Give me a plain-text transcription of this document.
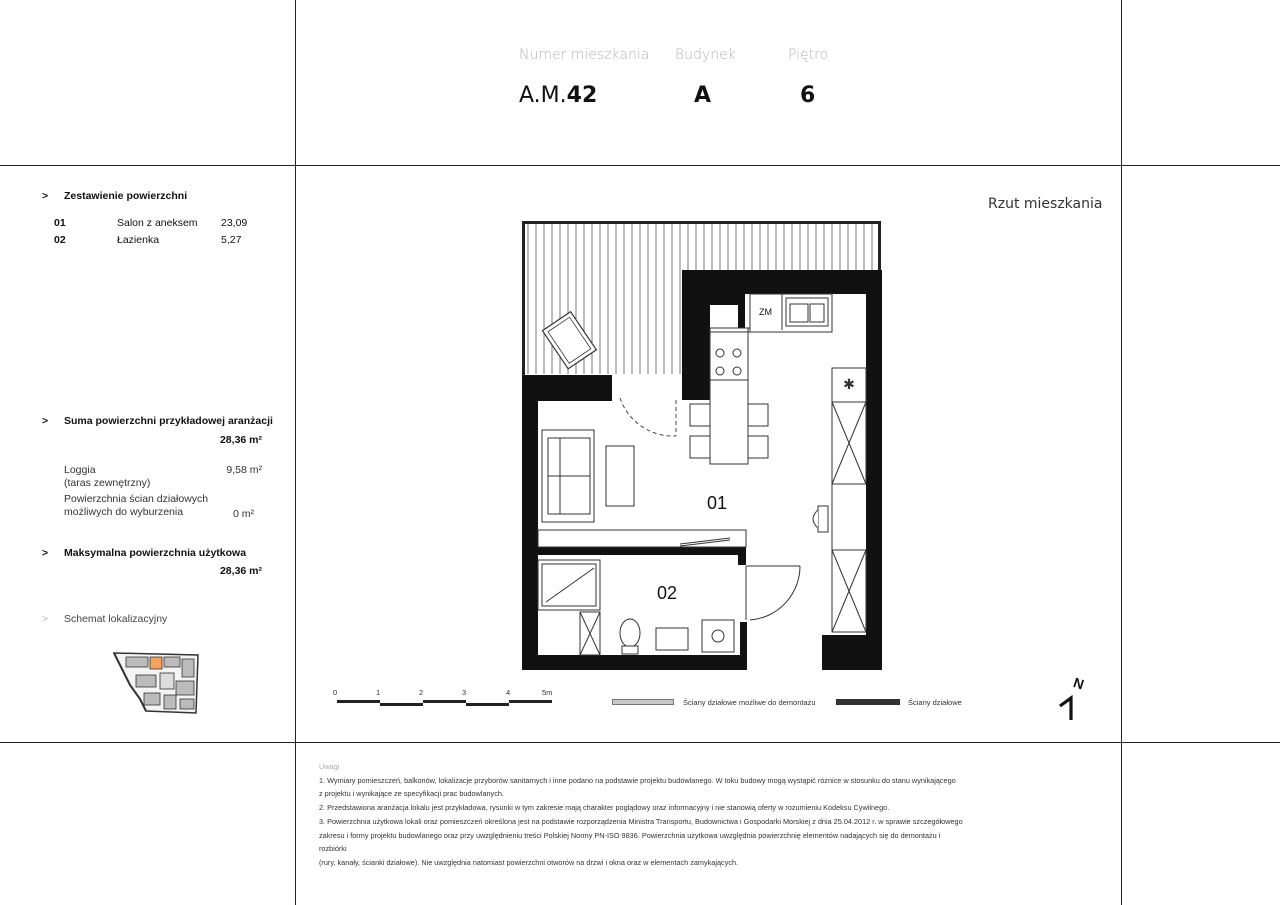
Numer mieszkania Budynek	Piętro
A.M.42	A	6
> Zestawienie powierzchni
01	Salon z aneksem 23,09
02	Łazienka	5,27
> Suma powierzchni przykładowej aranżacji
28,36 m²
Loggia
(taras zewnętrzny)
9,58 m²
Powierzchnia ścian działowych
możliwych do wyburzenia	0 m²
> Maksymalna powierzchnia użytkowa
28,36 m²
> Schemat lokalizacyjny
Rzut mieszkania
ZM
✱
01
02
0	1	2	3	4	5m
Ściany działowe możliwe do demontażu	Ściany działowe
N
Uwagi
1. Wymiary pomieszczeń, balkonów, lokalizacje przyborów sanitarnych i inne podano na podstawie projektu budowlanego. W toku budowy mogą wystąpić różnice w stosunku do stanu wynikającego
z projektu i wynikające ze specyfikacji prac budowlanych.
2. Przedstawiona aranżacja lokalu jest przykładowa, rysunki w tym zakresie mają charakter poglądowy oraz informacyjny i nie stanowią oferty w rozumieniu Kodeksu Cywilnego.
3. Powierzchnia użytkowa lokali oraz pomieszczeń określona jest na podstawie rozporządzenia Ministra Transportu, Budownictwa i Gospodarki Morskiej z dnia 25.04.2012 r. w sprawie szczegółowego
zakresu i formy projektu budowlanego oraz przy uwzględnieniu treści Polskiej Normy PN-ISO 9836. Powierzchnia użytkowa uwzględnia powierzchnię elementów nadających się do demontażu i rozbiórki
(rury, kanały, ścianki działowe). Nie uwzględnia natomiast powierzchni otworów na drzwi i okna oraz w elementach zamykających.
